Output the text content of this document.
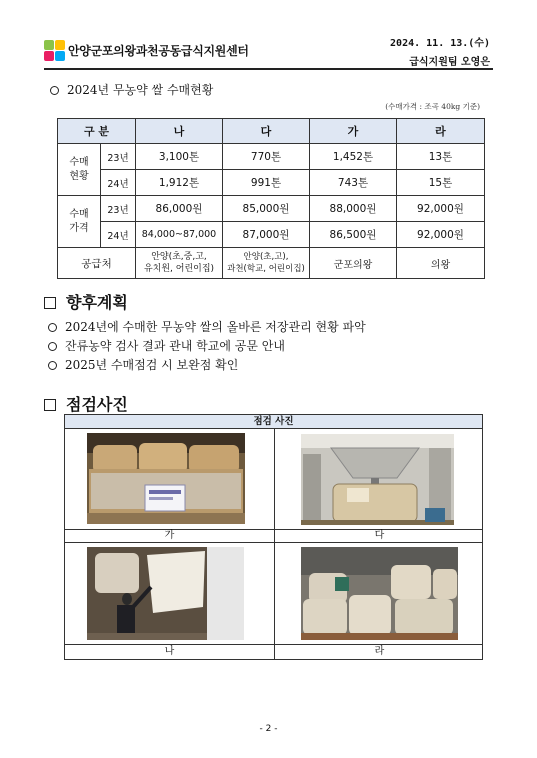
안양군포의왕과천공동급식지원센터
2024. 11. 13.(수)
급식지원팀 오영은
2024년 무농약 쌀 수매현황
(수매가격 : 조곡 40kg 기준)
구 분		나	다	가	라
수매
현황	23년	3,100톤	770톤	1,452톤	13톤
	24년	1,912톤	991톤	743톤	15톤
수매
가격	23년	86,000원	85,000원	88,000원	92,000원
	24년	84,000~87,000	87,000원	86,500원	92,000원
공급처		안양(초,중,고,
유치원, 어린이집)	안양(초,고),
과천(학교, 어린이집)	군포의왕	의왕
향후계획
2024년에 수매한 무농약 쌀의 올바른 저장관리 현황 파악
잔류농약 검사 결과 관내 학교에 공문 안내
2025년 수매점검 시 보완점 확인
점검사진
점검 사진
가	다
나	라
- 2 -
